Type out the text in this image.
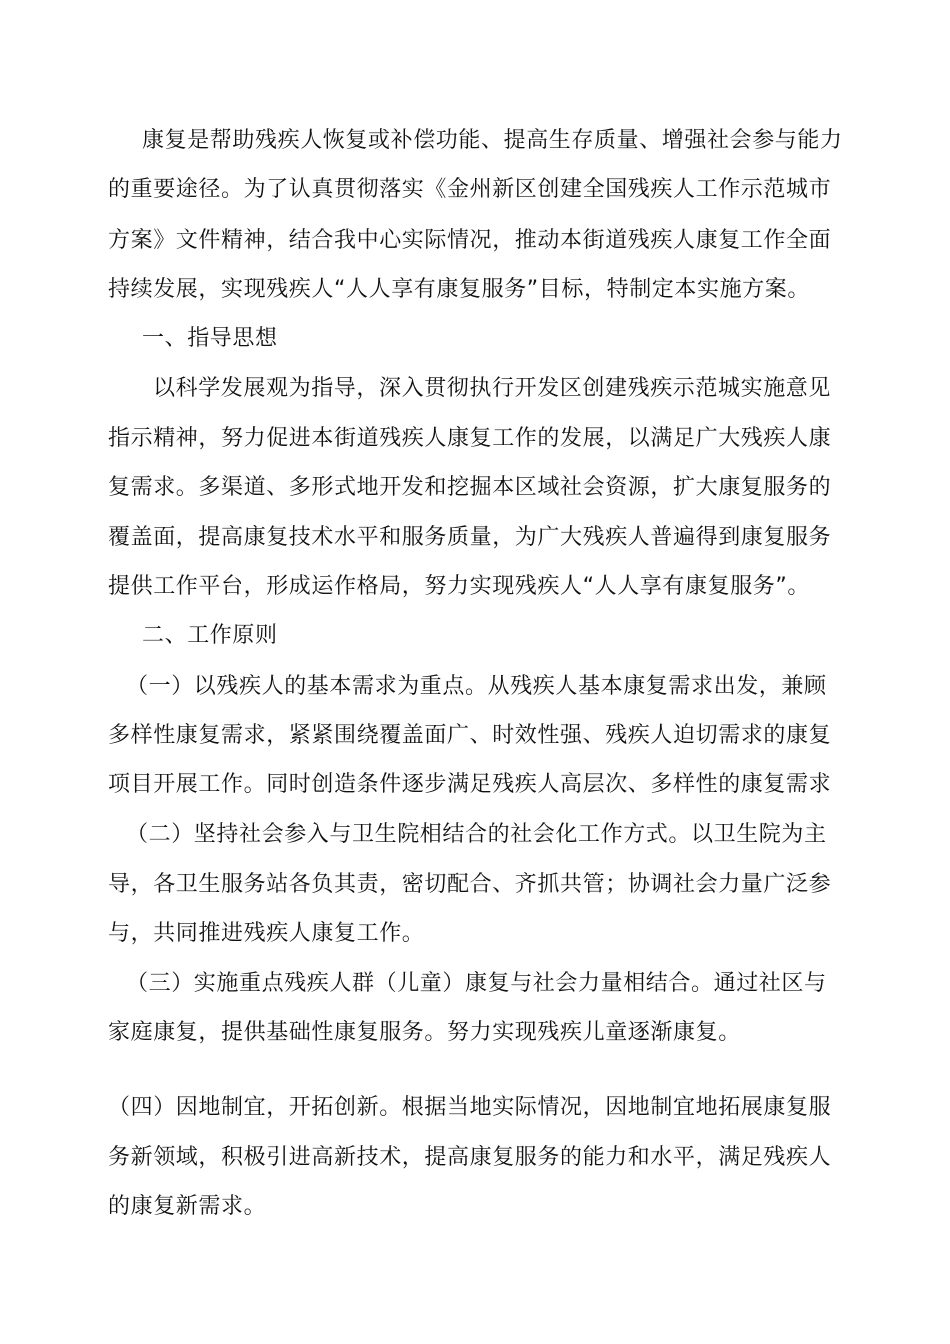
康复是帮助残疾人恢复或补偿功能、提高生存质量、增强社会参与能力
的重要途径。为了认真贯彻落实《金州新区创建全国残疾人工作示范城市
方案》文件精神，结合我中心实际情况，推动本街道残疾人康复工作全面
持续发展，实现残疾人“人人享有康复服务”目标，特制定本实施方案。
一、指导思想
以科学发展观为指导，深入贯彻执行开发区创建残疾示范城实施意见
指示精神，努力促进本街道残疾人康复工作的发展，以满足广大残疾人康
复需求。多渠道、多形式地开发和挖掘本区域社会资源，扩大康复服务的
覆盖面，提高康复技术水平和服务质量，为广大残疾人普遍得到康复服务
提供工作平台，形成运作格局，努力实现残疾人“人人享有康复服务”。
二、工作原则
（一）以残疾人的基本需求为重点。从残疾人基本康复需求出发，兼顾
多样性康复需求，紧紧围绕覆盖面广、时效性强、残疾人迫切需求的康复
项目开展工作。同时创造条件逐步满足残疾人高层次、多样性的康复需求
（二）坚持社会参入与卫生院相结合的社会化工作方式。以卫生院为主
导，各卫生服务站各负其责，密切配合、齐抓共管；协调社会力量广泛参
与，共同推进残疾人康复工作。
（三）实施重点残疾人群（儿童）康复与社会力量相结合。通过社区与
家庭康复，提供基础性康复服务。努力实现残疾儿童逐渐康复。
（四）因地制宜，开拓创新。根据当地实际情况，因地制宜地拓展康复服
务新领域，积极引进高新技术，提高康复服务的能力和水平，满足残疾人
的康复新需求。
